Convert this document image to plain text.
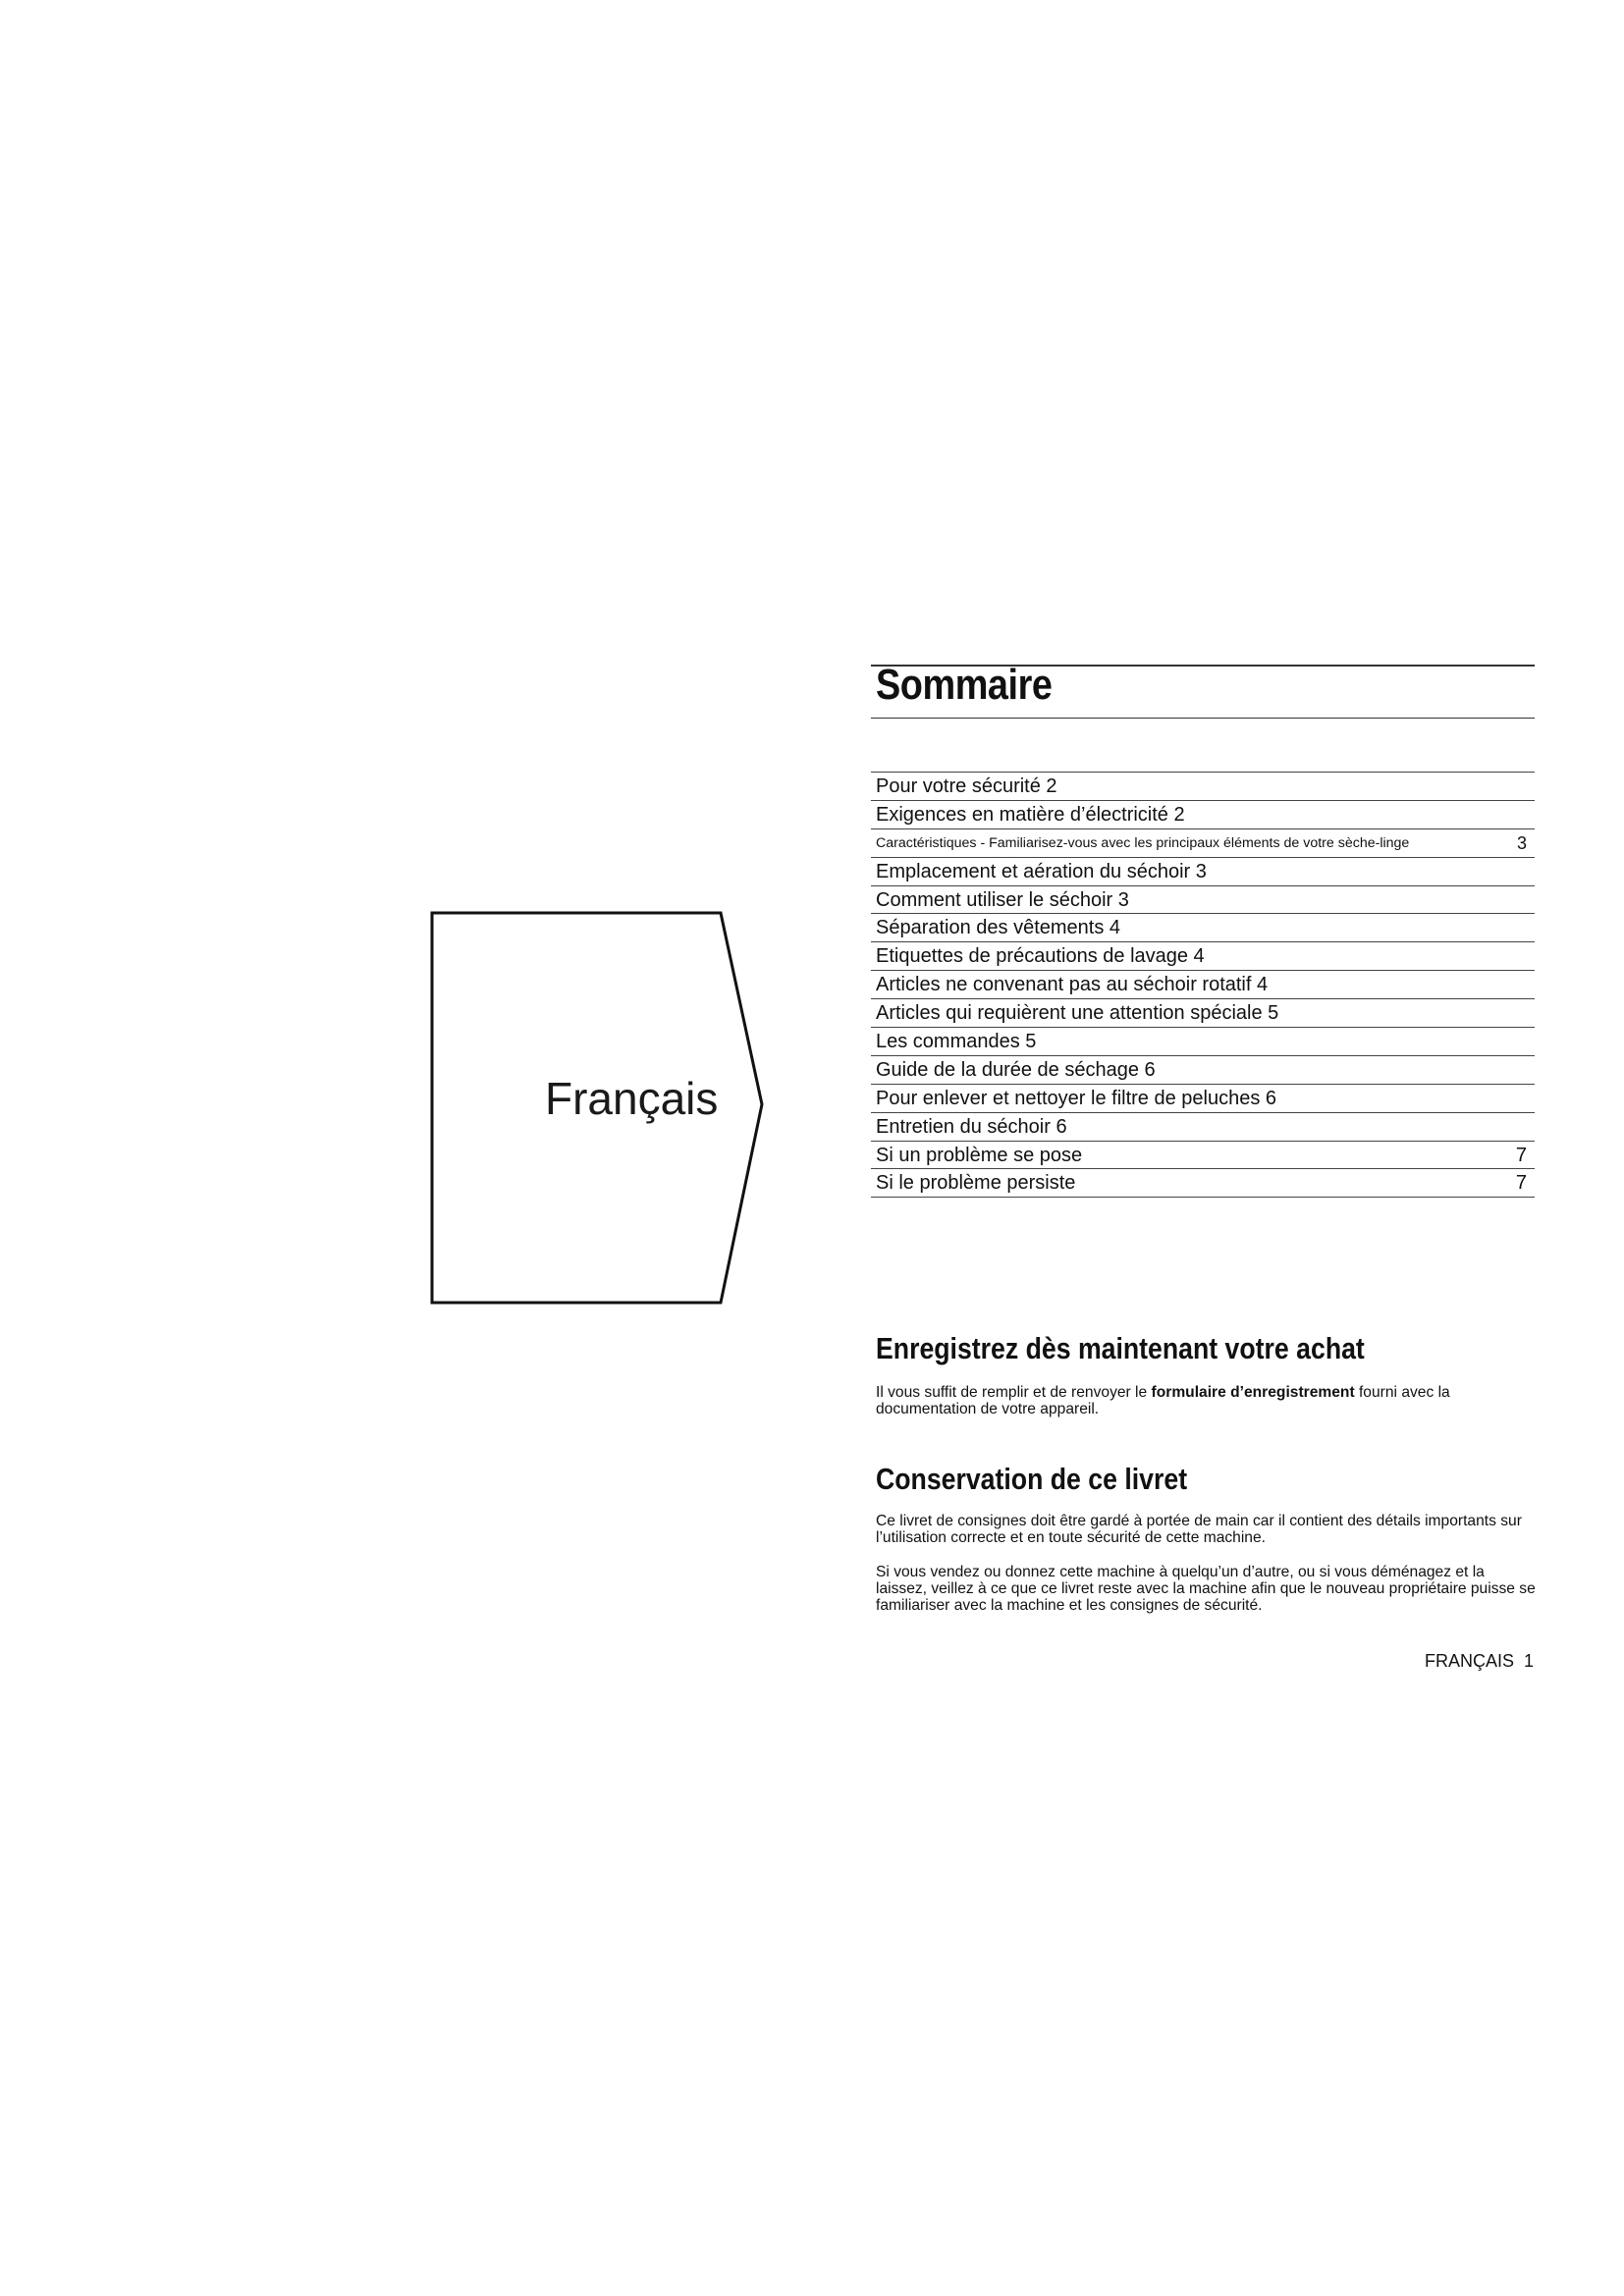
Français
Sommaire
Pour votre sécurité 2
Exigences en matière d’électricité 2
Caractéristiques - Familiarisez-vous avec les principaux éléments de votre sèche-linge	3
Emplacement et aération du séchoir 3
Comment utiliser le séchoir 3
Séparation des vêtements 4
Etiquettes de précautions de lavage 4
Articles ne convenant pas au séchoir rotatif 4
Articles qui requièrent une attention spéciale 5
Les commandes 5
Guide de la durée de séchage 6
Pour enlever et nettoyer le filtre de peluches 6
Entretien du séchoir 6
Si un problème se pose	7
Si le problème persiste	7
Enregistrez dès maintenant votre achat
Il vous suffit de remplir et de renvoyer le formulaire d’enregistrement fourni avec la documentation de votre appareil.
Conservation de ce livret
Ce livret de consignes doit être gardé à portée de main car il contient des détails importants sur l’utilisation correcte et en toute sécurité de cette machine.
Si vous vendez ou donnez cette machine à quelqu’un d’autre, ou si vous déménagez et la laissez, veillez à ce que ce livret reste avec la machine afin que le nouveau propriétaire puisse se familiariser avec la machine et les consignes de sécurité.
FRANÇAIS 1
